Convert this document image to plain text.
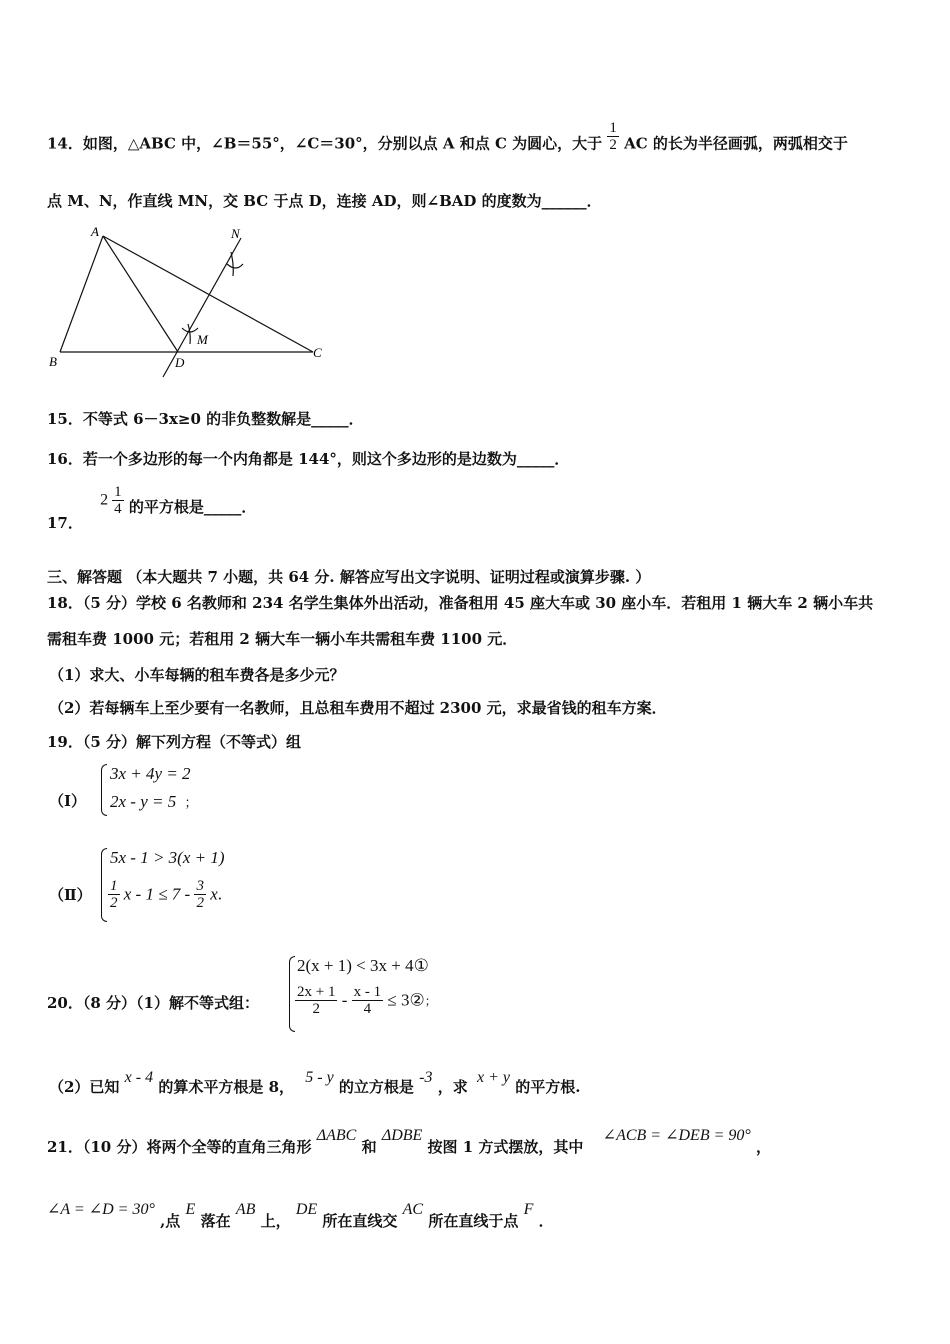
14．如图，△ABC 中，∠B＝55°，∠C＝30°，分别以点 A 和点 C 为圆心，大于 $\frac{1}{2}$ AC 的长为半径画弧，两弧相交于
点 M、N，作直线 MN，交 BC 于点 D，连接 AD，则∠BAD 的度数为______．
A	N
M
B	D
C
15．不等式 6－3x≥0 的非负整数解是_____．
16．若一个多边形的每一个内角都是 144°，则这个多边形的是边数为_____．
17． $2 \frac{1}{4}$ 的平方根是_____．
三、解答题 （本大题共 7 小题，共 64 分. 解答应写出文字说明、证明过程或演算步骤. ）
18．（5 分）学校 6 名教师和 234 名学生集体外出活动，准备租用 45 座大车或 30 座小车．若租用 1 辆大车 2 辆小车共
需租车费 1000 元；若租用 2 辆大车一辆小车共需租车费 1100 元．
（1）求大、小车每辆的租车费各是多少元？
（2）若每辆车上至少要有一名教师，且总租车费用不超过 2300 元，求最省钱的租车方案．
19．（5 分）解下列方程（不等式）组
（Ⅰ）
3x + 4y = 2
2x - y = 5 ；
（Ⅱ）
5x - 1 > 3(x + 1)
$\frac{1}{2}$ $x - 1 \le 7 - \frac{3}{2} x$.
20．（8 分）（1）解不等式组：
2(x + 1) < 3x + 4①
$\frac{2x + 1}{2} - \frac{x - 1}{4}$ ≤ 3②；
（2）已知 x - 4 的算术平方根是 8， 5 - y 的立方根是 -3 ，求 x + y 的平方根.
21．（10 分）将两个全等的直角三角形 ΔABC 和 ΔDBE 按图 1 方式摆放，其中 ∠ACB = ∠DEB = 90° ，
∠A = ∠D = 30° ,点 E 落在 AB 上， DE 所在直线交 AC 所在直线于点 F ．
